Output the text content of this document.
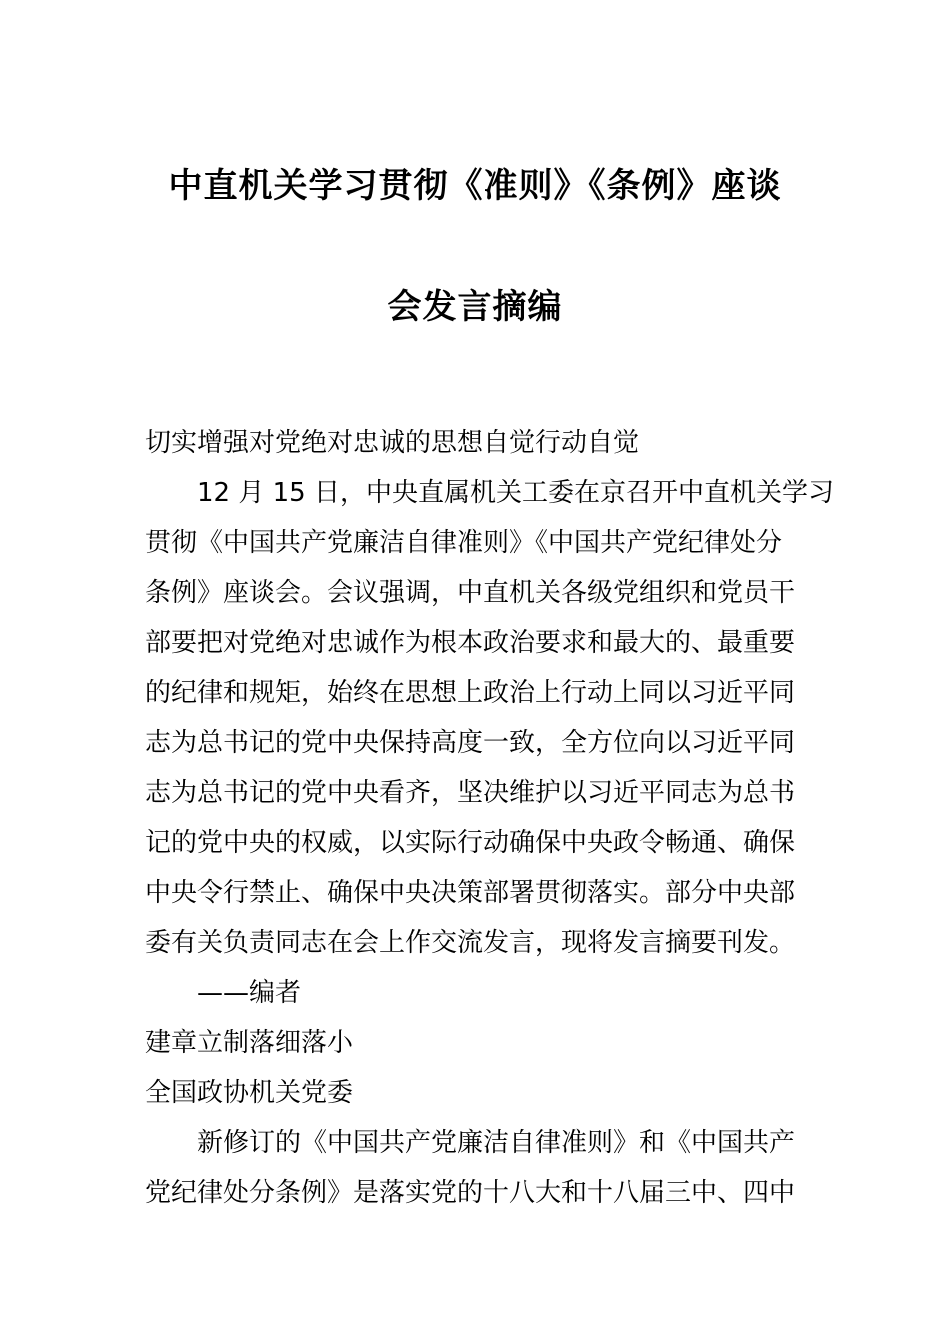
中直机关学习贯彻《准则》《条例》座谈
会发言摘编
切实增强对党绝对忠诚的思想自觉行动自觉
12 月 15 日，中央直属机关工委在京召开中直机关学习
贯彻《中国共产党廉洁自律准则》《中国共产党纪律处分
条例》座谈会。会议强调，中直机关各级党组织和党员干
部要把对党绝对忠诚作为根本政治要求和最大的、最重要
的纪律和规矩，始终在思想上政治上行动上同以习近平同
志为总书记的党中央保持高度一致，全方位向以习近平同
志为总书记的党中央看齐，坚决维护以习近平同志为总书
记的党中央的权威，以实际行动确保中央政令畅通、确保
中央令行禁止、确保中央决策部署贯彻落实。部分中央部
委有关负责同志在会上作交流发言，现将发言摘要刊发。
——编者
建章立制落细落小
全国政协机关党委
新修订的《中国共产党廉洁自律准则》和《中国共产
党纪律处分条例》是落实党的十八大和十八届三中、四中
